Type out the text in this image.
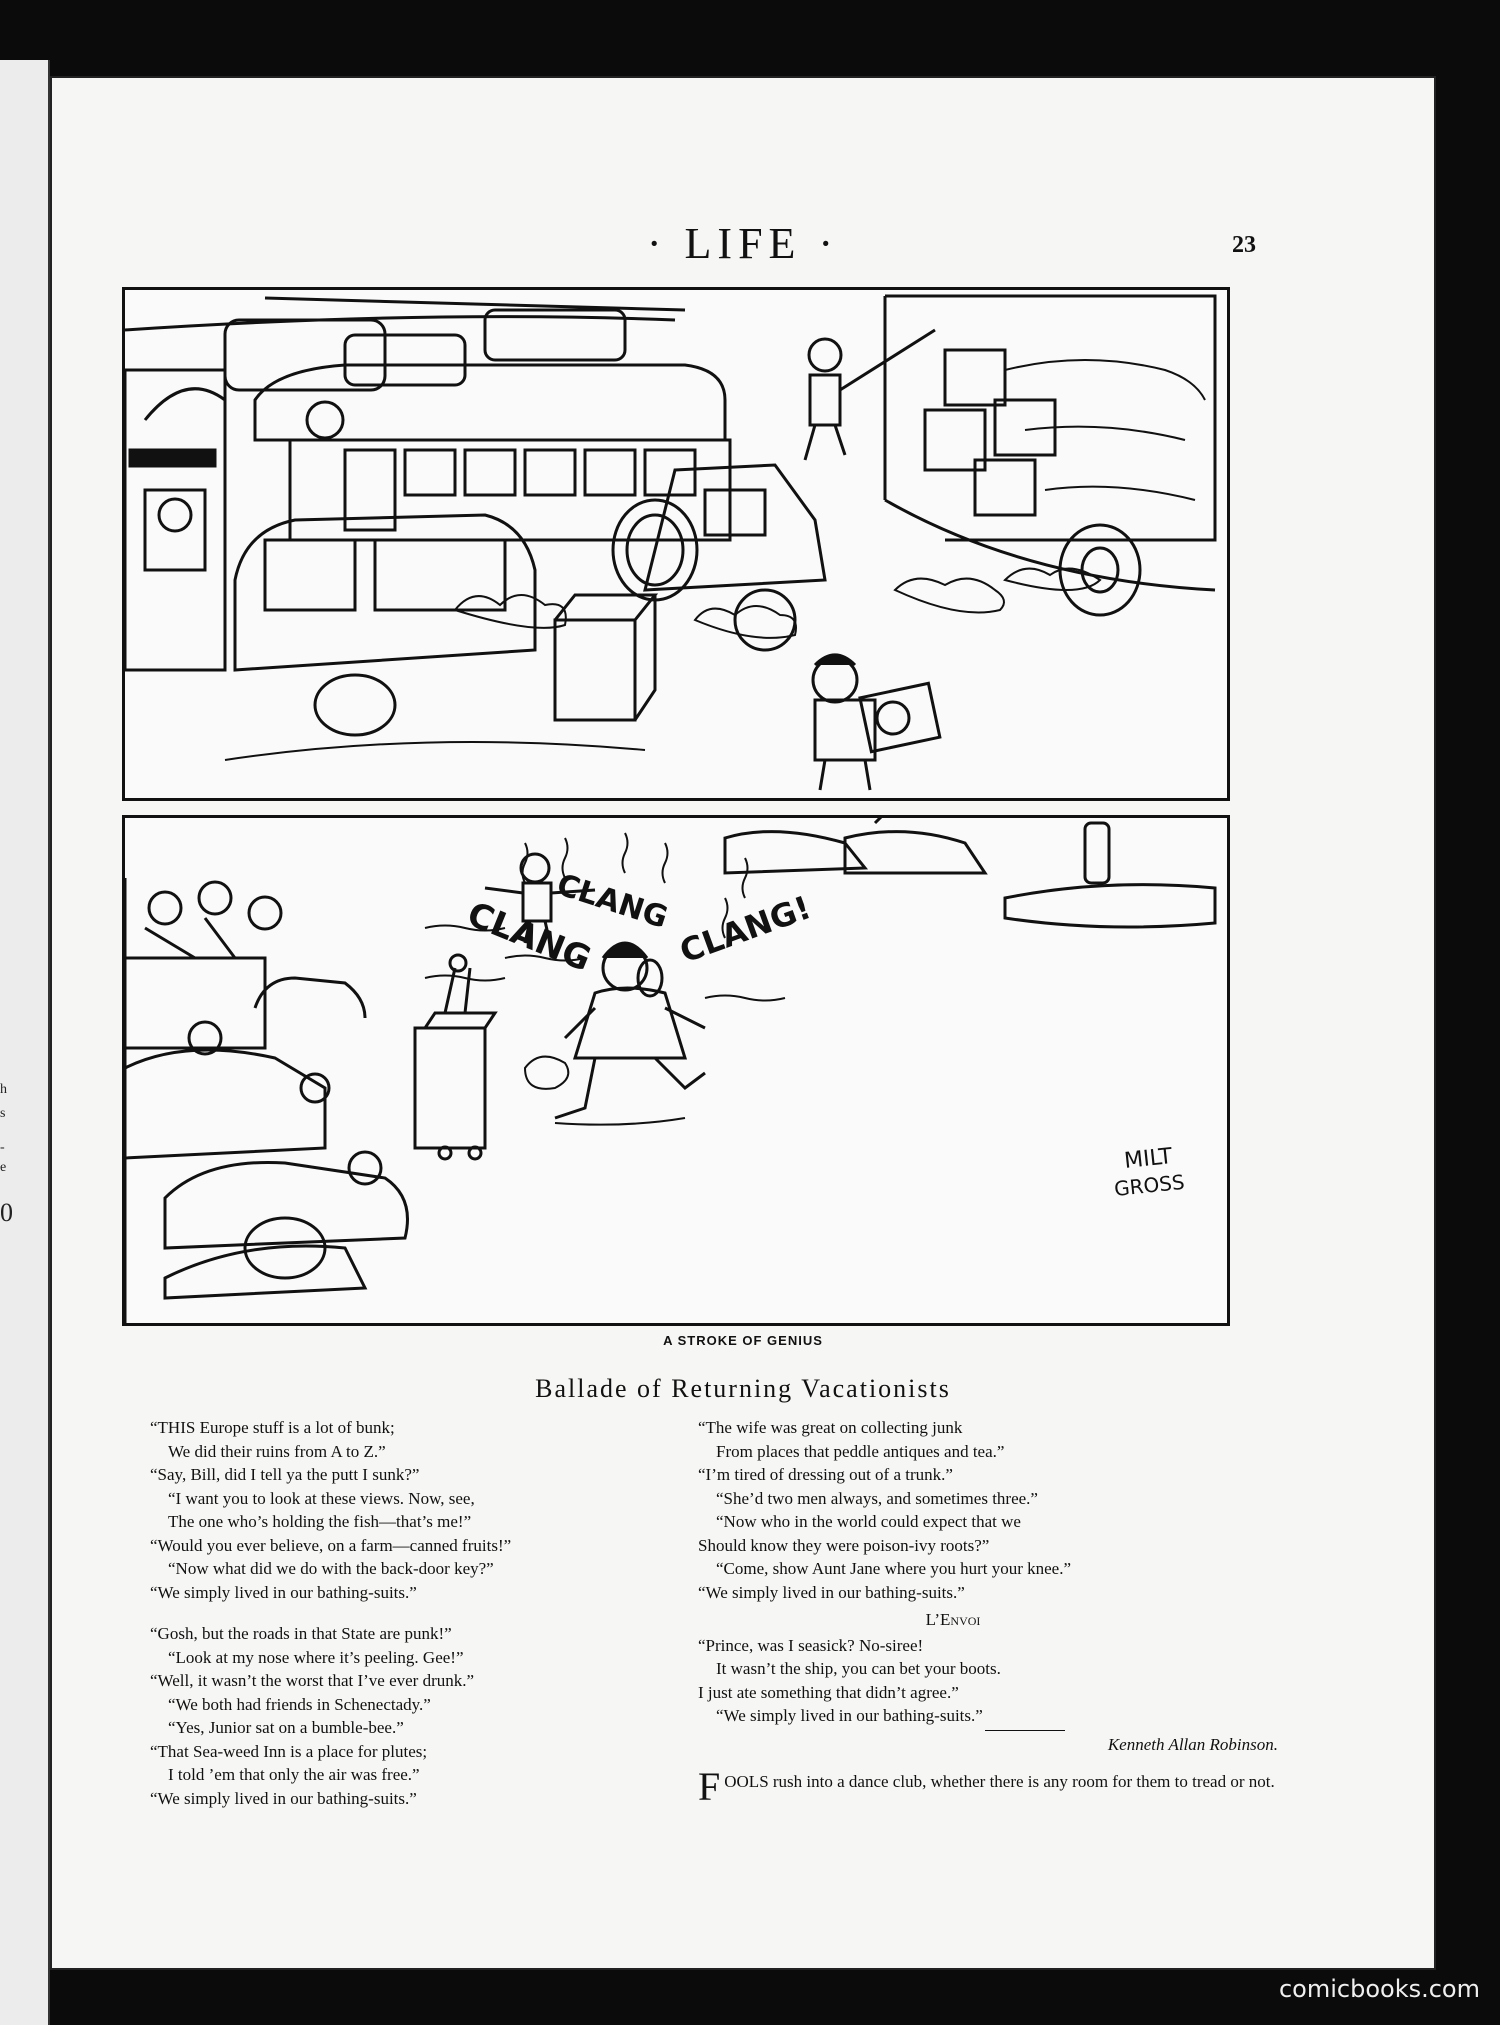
h
s
-
e
0
· LIFE ·	23
CLANG
CLANG CLANG!
MILT
GROSS
A STROKE OF GENIUS
Ballade of Returning Vacationists
“THIS Europe stuff is a lot of bunk;
We did their ruins from A to Z.”
“Say, Bill, did I tell ya the putt I sunk?”
“I want you to look at these views. Now, see,
The one who’s holding the fish—that’s me!”
“Would you ever believe, on a farm—canned fruits!”
“Now what did we do with the back-door key?”
“We simply lived in our bathing-suits.”
“Gosh, but the roads in that State are punk!”
“Look at my nose where it’s peeling. Gee!”
“Well, it wasn’t the worst that I’ve ever drunk.”
“We both had friends in Schenectady.”
“Yes, Junior sat on a bumble-bee.”
“That Sea-weed Inn is a place for plutes;
I told ’em that only the air was free.”
“We simply lived in our bathing-suits.”
“The wife was great on collecting junk
From places that peddle antiques and tea.”
“I’m tired of dressing out of a trunk.”
“She’d two men always, and sometimes three.”
“Now who in the world could expect that we
Should know they were poison-ivy roots?”
“Come, show Aunt Jane where you hurt your knee.”
“We simply lived in our bathing-suits.”
L’Envoi
“Prince, was I seasick? No-siree!
It wasn’t the ship, you can bet your boots.
I just ate something that didn’t agree.”
“We simply lived in our bathing-suits.”
Kenneth Allan Robinson.
F OOLS rush into a dance club, whether there is any room for them to tread or not.
comicbooks.com
